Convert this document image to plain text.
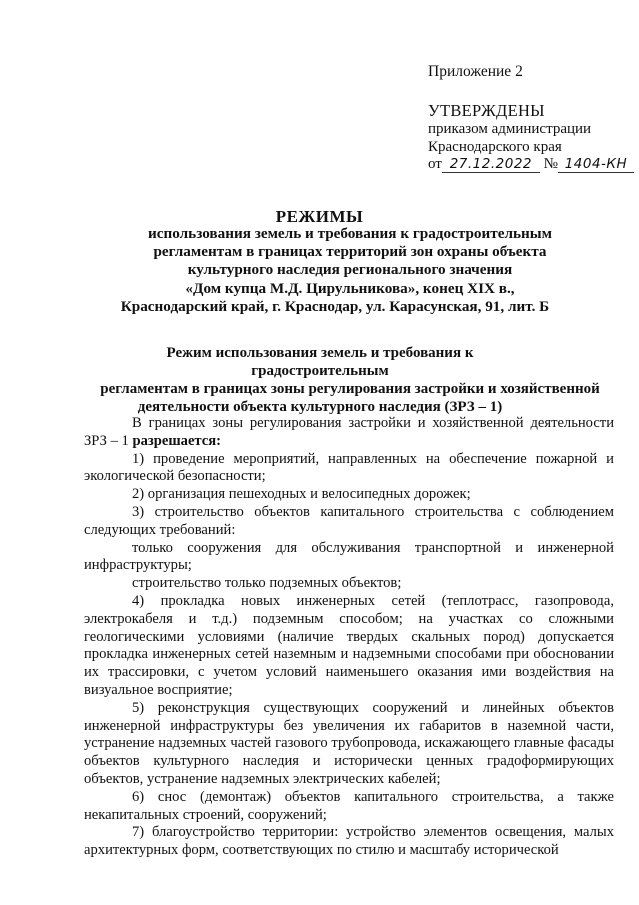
Приложение 2
УТВЕРЖДЕНЫ
приказом администрации
Краснодарского края
от 27.12.2022 № 1404-КН
РЕЖИМЫ
использования земель и требования к градостроительным
регламентам в границах территорий зон охраны объекта
культурного наследия регионального значения
«Дом купца М.Д. Цирульникова», конец XIX в.,
Краснодарский край, г. Краснодар, ул. Карасунская, 91, лит. Б
Режим использования земель и требования к градостроительным
регламентам в границах зоны регулирования застройки и хозяйственной
деятельности объекта культурного наследия (ЗРЗ – 1)

В границах зоны регулирования застройки и хозяйственной деятельности ЗРЗ – 1 разрешается:

1) проведение мероприятий, направленных на обеспечение пожарной и экологической безопасности;

2) организация пешеходных и велосипедных дорожек;

3) строительство объектов капитального строительства с соблюдением следующих требований:

только сооружения для обслуживания транспортной и инженерной инфраструктуры;

строительство только подземных объектов;

4) прокладка новых инженерных сетей (теплотрасс, газопровода, электрокабеля и т.д.) подземным способом; на участках со сложными геологическими условиями (наличие твердых скальных пород) допускается прокладка инженерных сетей наземным и надземными способами при обосновании их трассировки, с учетом условий наименьшего оказания ими воздействия на визуальное восприятие;

5) реконструкция существующих сооружений и линейных объектов инженерной инфраструктуры без увеличения их габаритов в наземной части, устранение надземных частей газового трубопровода, искажающего главные фасады объектов культурного наследия и исторически ценных градоформирующих объектов, устранение надземных электрических кабелей;

6) снос (демонтаж) объектов капитального строительства, а также некапитальных строений, сооружений;

7) благоустройство территории: устройство элементов освещения, малых архитектурных форм, соответствующих по стилю и масштабу исторической
